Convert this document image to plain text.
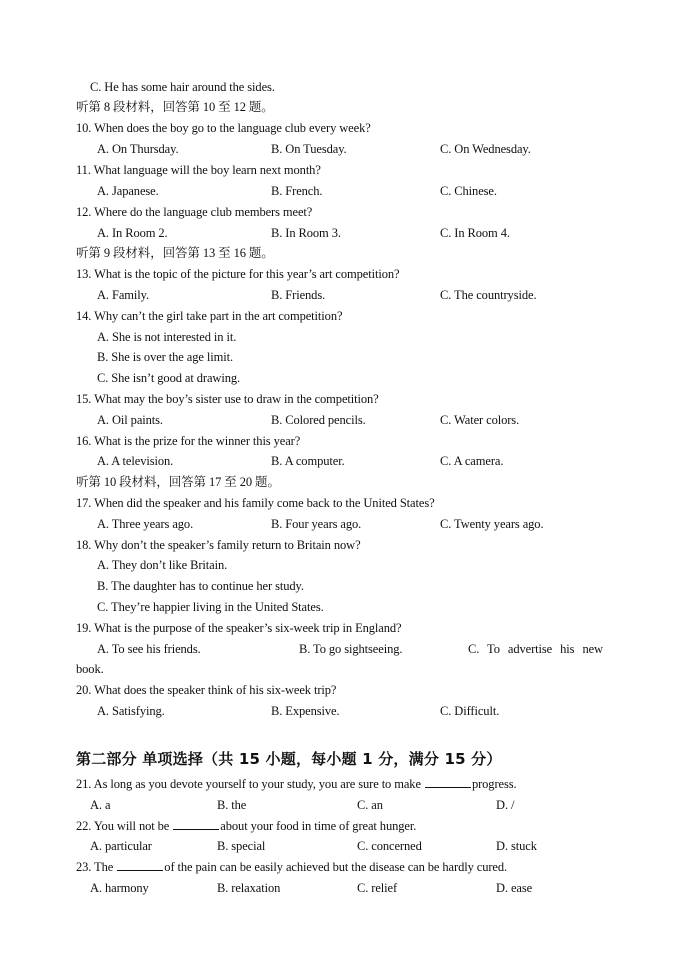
C. He has some hair around the sides.
听第 8 段材料，回答第 10 至 12 题。
10. When does the boy go to the language club every week?
A. On Thursday.	B. On Tuesday.	C. On Wednesday.
11. What language will the boy learn next month?
A. Japanese.	B. French.	C. Chinese.
12. Where do the language club members meet?
A. In Room 2.	B. In Room 3.	C. In Room 4.
听第 9 段材料，回答第 13 至 16 题。
13. What is the topic of the picture for this year’s art competition?
A. Family.	B. Friends.	C. The countryside.
14. Why can’t the girl take part in the art competition?
A. She is not interested in it.
B. She is over the age limit.
C. She isn’t good at drawing.
15. What may the boy’s sister use to draw in the competition?
A. Oil paints.	B. Colored pencils.	C. Water colors.
16. What is the prize for the winner this year?
A. A television.	B. A computer.	C. A camera.
听第 10 段材料，回答第 17 至 20 题。
17. When did the speaker and his family come back to the United States?
A. Three years ago.	B. Four years ago.	C. Twenty years ago.
18. Why don’t the speaker’s family return to Britain now?
A. They don’t like Britain.
B. The daughter has to continue her study.
C. They’re happier living in the United States.
19. What is the purpose of the speaker’s six-week trip in England?
A. To see his friends.	B. To go sightseeing.	C. To advertise his new
book.
20. What does the speaker think of his six-week trip?
A. Satisfying.	B. Expensive.	C. Difficult.
第二部分 单项选择（共 15 小题，每小题 1 分，满分 15 分）
21. As long as you devote yourself to your study, you are sure to make	progress.
A. a	B. the	C. an	D. /
22. You will not be	about your food in time of great hunger.
A. particular	B. special	C. concerned	D. stuck
23. The	of the pain can be easily achieved but the disease can be hardly cured.
A. harmony	B. relaxation	C. relief	D. ease
